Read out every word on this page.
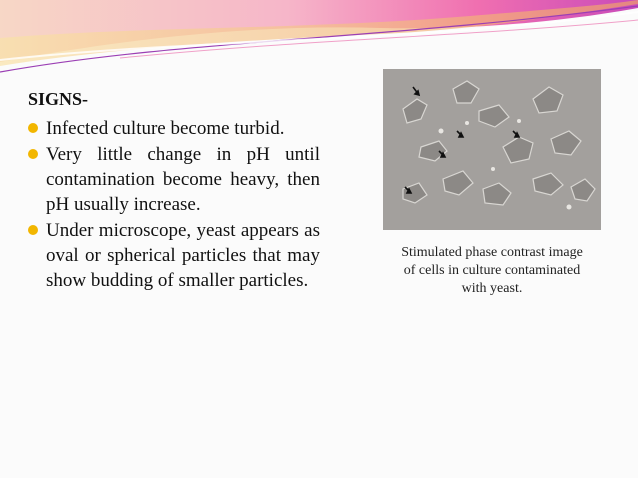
SIGNS-
Infected culture become turbid.
Very little change in pH until contamination become heavy, then pH usually increase.
Under microscope, yeast appears as oval or spherical particles that may show budding of smaller particles.
Stimulated phase contrast image of cells in culture contaminated with yeast.
